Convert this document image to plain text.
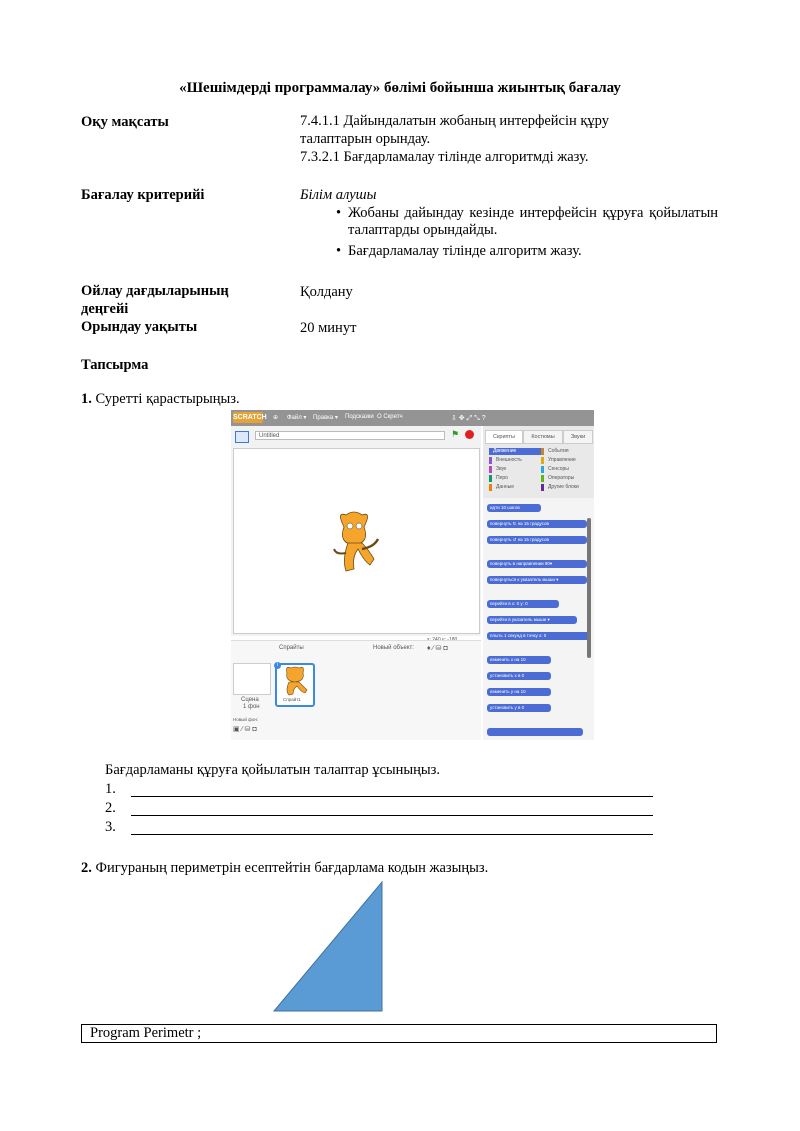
«Шешімдерді программалау» бөлімі бойынша жиынтық бағалау
Оқу мақсаты	7.4.1.1 Дайындалатын жобаның интерфейсін құру
талаптарын орындау.
7.3.2.1 Бағдарламалау тілінде алгоритмді жазу.
Бағалау критерийі	Білім алушы
• Жобаны дайындау кезінде интерфейсін құруға қойылатын талаптарды орындайды.
• Бағдарламалау тілінде алгоритм жазу.
Ойлау дағдыларының
деңгейі
Қолдану
Орындау уақыты	20 минут
Тапсырма
1. Суретті қарастырыңыз.
SCRATCH ⊕ Файл ▾ Правка ▾ Подсказки О Скретч	⇩ ✥ ⤢ ⤡ ?
Untitled	⚑
Спрайты	Новый объект: ♦ ∕ ⛁ ◘
Сцена
1 фон
Новый фон:
▣ ∕ ⛁ ◘
i
Спрайт1
Скрипты	Костюмы	Звуки
Движение
Внешность
Звук
Перо
Данные
События
Управление
Сенсоры
Операторы
Другие блоки
идти 10 шагов
повернуть ↻ на 15 градусов
повернуть ↺ на 15 градусов
повернуть в направлении 90▾
повернуться к указатель мыши ▾
перейти в x: 0 y: 0
перейти в указатель мыши ▾
плыть 1 секунд в точку x: 0
изменить х на 10
установить х в 0
изменить у на 10
установить у в 0
Бағдарламаны құруға қойылатын талаптар ұсыныңыз.
1.
2.
3.
2. Фигураның периметрін есептейтін бағдарлама кодын жазыңыз.
Program Perimetr ;
